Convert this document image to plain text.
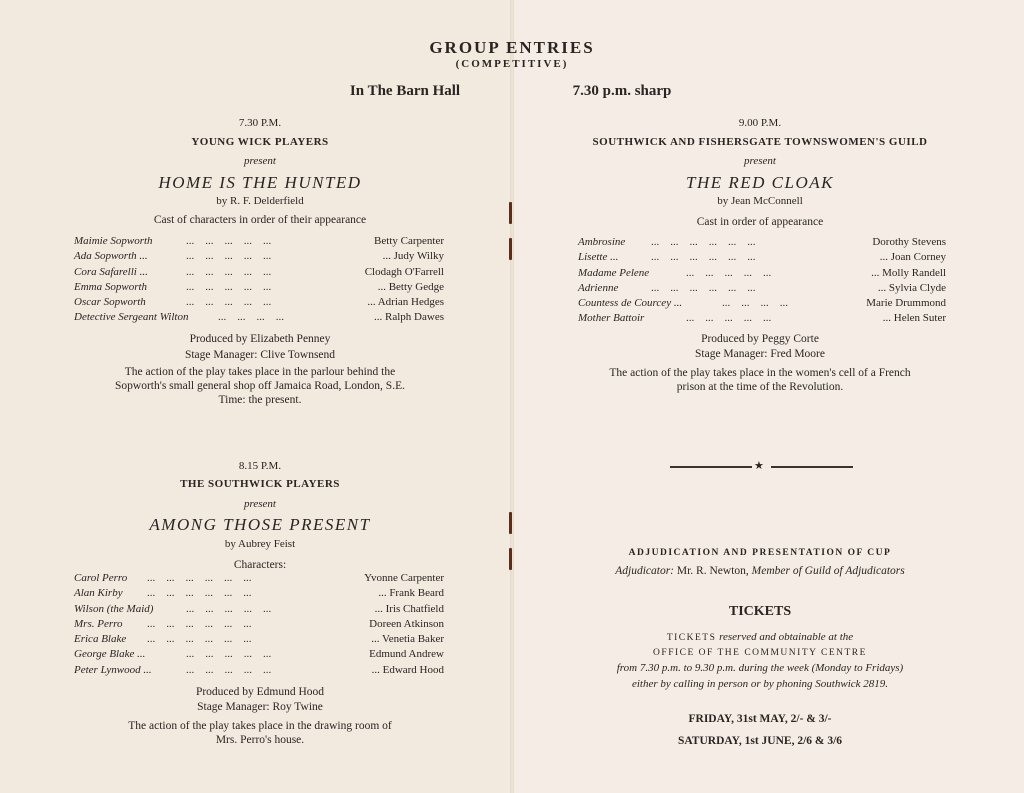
GROUP ENTRIES
(COMPETITIVE)
In The Barn Hall	7.30 p.m. sharp
7.30 P.M.
YOUNG WICK PLAYERS
present
HOME IS THE HUNTED
by R. F. Delderfield
Cast of characters in order of their appearance
Maimie Sopworth	...    ...    ...    ...    ...	Betty Carpenter
Ada Sopworth ...	...    ...    ...    ...    ...	... Judy Wilky
Cora Safarelli ...	...    ...    ...    ...    ...	Clodagh O'Farrell
Emma Sopworth	...    ...    ...    ...    ...	... Betty Gedge
Oscar Sopworth	...    ...    ...    ...    ...	... Adrian Hedges
Detective Sergeant Wilton	...    ...    ...    ...	... Ralph Dawes
Produced by Elizabeth Penney
Stage Manager: Clive Townsend
The action of the play takes place in the parlour behind the
Sopworth's small general shop off Jamaica Road, London, S.E.
Time: the present.
8.15 P.M.
THE SOUTHWICK PLAYERS
present
AMONG THOSE PRESENT
by Aubrey Feist
Characters:
Carol Perro ...    ...    ...    ...    ...    ...	Yvonne Carpenter
Alan Kirby ...    ...    ...    ...    ...    ...	... Frank Beard
Wilson (the Maid)	...    ...    ...    ...    ...	... Iris Chatfield
Mrs. Perro ...    ...    ...    ...    ...    ...	Doreen Atkinson
Erica Blake ...    ...    ...    ...    ...    ...	... Venetia Baker
George Blake ...	...    ...    ...    ...    ...	Edmund Andrew
Peter Lynwood ...	...    ...    ...    ...    ...	... Edward Hood
Produced by Edmund Hood
Stage Manager: Roy Twine
The action of the play takes place in the drawing room of
Mrs. Perro's house.
9.00 P.M.
SOUTHWICK AND FISHERSGATE TOWNSWOMEN'S GUILD
present
THE RED CLOAK
by Jean McConnell
Cast in order of appearance
Ambrosine ...    ...    ...    ...    ...    ...	Dorothy Stevens
Lisette ...	...    ...    ...    ...    ...    ...	... Joan Corney
Madame Pelene	...    ...    ...    ...    ...	... Molly Randell
Adrienne	...    ...    ...    ...    ...    ...	... Sylvia Clyde
Countess de Courcey ...	...    ...    ...    ...	Marie Drummond
Mother Battoir	...    ...    ...    ...    ...	... Helen Suter
Produced by Peggy Corte
Stage Manager: Fred Moore
The action of the play takes place in the women's cell of a French
prison at the time of the Revolution.
★
ADJUDICATION AND PRESENTATION OF CUP
Adjudicator: Mr. R. Newton, Member of Guild of Adjudicators
TICKETS
TICKETS reserved and obtainable at the
OFFICE OF THE COMMUNITY CENTRE
from 7.30 p.m. to 9.30 p.m. during the week (Monday to Fridays)
either by calling in person or by phoning Southwick 2819.
FRIDAY, 31st MAY, 2/- & 3/-
SATURDAY, 1st JUNE, 2/6 & 3/6
